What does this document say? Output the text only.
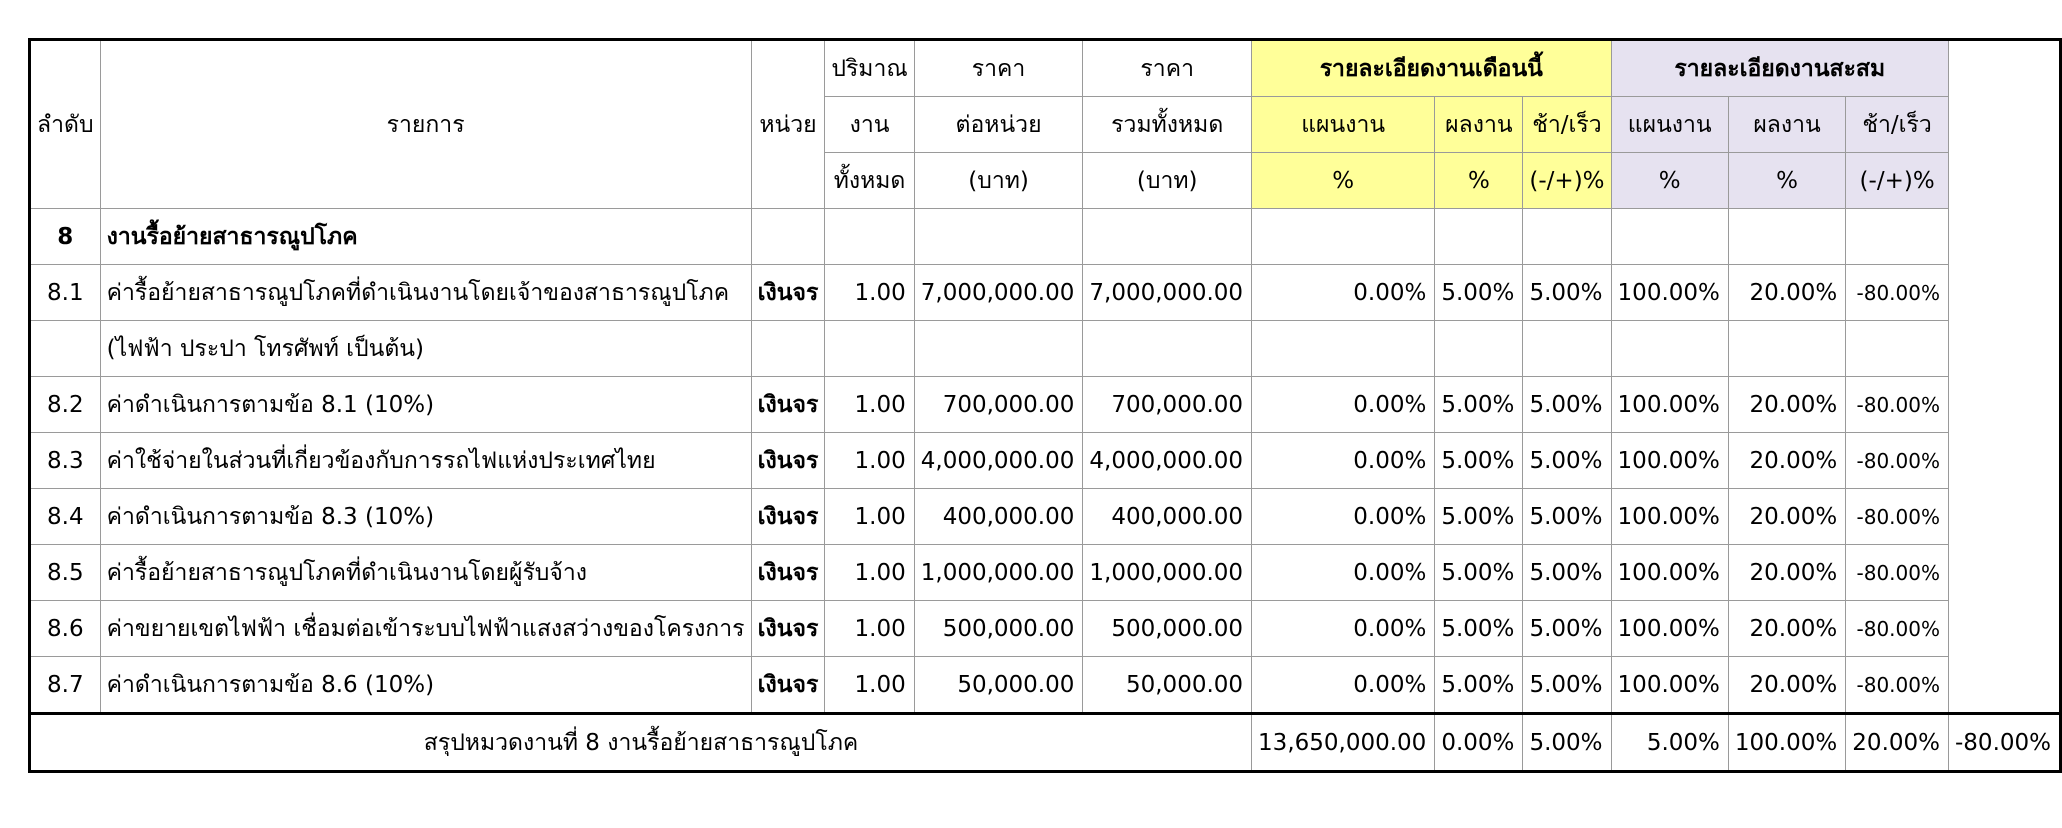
ลำดับ	รายการ	หน่วย	ปริมาณ	ราคา	ราคา	รายละเอียดงานเดือนนี้			รายละเอียดงานสะสม			
			งาน	ต่อหน่วย	รวมทั้งหมด	แผนงาน	ผลงาน	ช้า/เร็ว	แผนงาน	ผลงาน	ช้า/เร็ว	
			ทั้งหมด	(บาท)	(บาท)	%	%	(-/+)%	%	%	(-/+)%	
8	งานรื้อย้ายสาธารณูปโภค											
8.1	ค่ารื้อย้ายสาธารณูปโภคที่ดำเนินงานโดยเจ้าของสาธารณูปโภค	เงินจร	1.00	7,000,000.00	7,000,000.00	0.00%	5.00%	5.00%	100.00%	20.00%	-80.00%	
	(ไฟฟ้า ประปา โทรศัพท์ เป็นต้น)											
8.2	ค่าดำเนินการตามข้อ 8.1 (10%)	เงินจร	1.00	700,000.00	700,000.00	0.00%	5.00%	5.00%	100.00%	20.00%	-80.00%	
8.3	ค่าใช้จ่ายในส่วนที่เกี่ยวข้องกับการรถไฟแห่งประเทศไทย	เงินจร	1.00	4,000,000.00	4,000,000.00	0.00%	5.00%	5.00%	100.00%	20.00%	-80.00%	
8.4	ค่าดำเนินการตามข้อ 8.3 (10%)	เงินจร	1.00	400,000.00	400,000.00	0.00%	5.00%	5.00%	100.00%	20.00%	-80.00%	
8.5	ค่ารื้อย้ายสาธารณูปโภคที่ดำเนินงานโดยผู้รับจ้าง	เงินจร	1.00	1,000,000.00	1,000,000.00	0.00%	5.00%	5.00%	100.00%	20.00%	-80.00%	
8.6	ค่าขยายเขตไฟฟ้า เชื่อมต่อเข้าระบบไฟฟ้าแสงสว่างของโครงการ	เงินจร	1.00	500,000.00	500,000.00	0.00%	5.00%	5.00%	100.00%	20.00%	-80.00%	
8.7	ค่าดำเนินการตามข้อ 8.6 (10%)	เงินจร	1.00	50,000.00	50,000.00	0.00%	5.00%	5.00%	100.00%	20.00%	-80.00%	
สรุปหมวดงานที่ 8 งานรื้อย้ายสาธารณูปโภค						13,650,000.00	0.00%	5.00%	5.00%	100.00%	20.00%	-80.00%
